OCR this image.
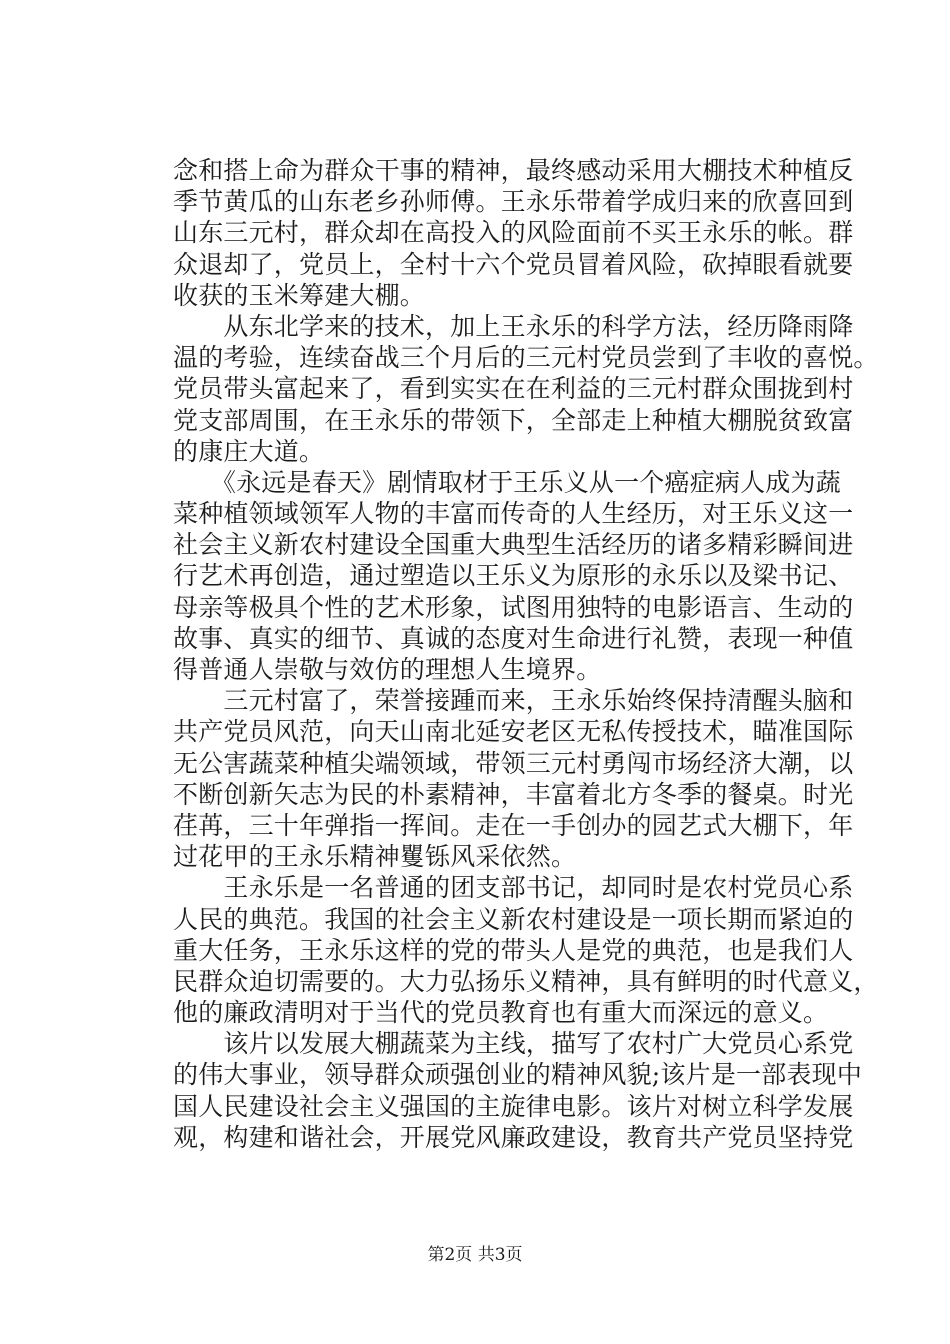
念和搭上命为群众干事的精神，最终感动采用大棚技术种植反
季节黄瓜的山东老乡孙师傅。王永乐带着学成归来的欣喜回到
山东三元村，群众却在高投入的风险面前不买王永乐的帐。群
众退却了，党员上，全村十六个党员冒着风险，砍掉眼看就要
收获的玉米筹建大棚。
　　从东北学来的技术，加上王永乐的科学方法，经历降雨降
温的考验，连续奋战三个月后的三元村党员尝到了丰收的喜悦。
党员带头富起来了，看到实实在在利益的三元村群众围拢到村
党支部周围，在王永乐的带领下，全部走上种植大棚脱贫致富
的康庄大道。
　　《永远是春天》剧情取材于王乐义从一个癌症病人成为蔬
菜种植领域领军人物的丰富而传奇的人生经历，对王乐义这一
社会主义新农村建设全国重大典型生活经历的诸多精彩瞬间进
行艺术再创造，通过塑造以王乐义为原形的永乐以及梁书记、
母亲等极具个性的艺术形象，试图用独特的电影语言、生动的
故事、真实的细节、真诚的态度对生命进行礼赞，表现一种值
得普通人崇敬与效仿的理想人生境界。
　　三元村富了，荣誉接踵而来，王永乐始终保持清醒头脑和
共产党员风范，向天山南北延安老区无私传授技术，瞄准国际
无公害蔬菜种植尖端领域，带领三元村勇闯市场经济大潮，以
不断创新矢志为民的朴素精神，丰富着北方冬季的餐桌。时光
荏苒，三十年弹指一挥间。走在一手创办的园艺式大棚下，年
过花甲的王永乐精神矍铄风采依然。
　　王永乐是一名普通的团支部书记，却同时是农村党员心系
人民的典范。我国的社会主义新农村建设是一项长期而紧迫的
重大任务，王永乐这样的党的带头人是党的典范，也是我们人
民群众迫切需要的。大力弘扬乐义精神，具有鲜明的时代意义，
他的廉政清明对于当代的党员教育也有重大而深远的意义。
　　该片以发展大棚蔬菜为主线，描写了农村广大党员心系党
的伟大事业，领导群众顽强创业的精神风貌;该片是一部表现中
国人民建设社会主义强国的主旋律电影。该片对树立科学发展
观，构建和谐社会，开展党风廉政建设，教育共产党员坚持党
第2页 共3页
